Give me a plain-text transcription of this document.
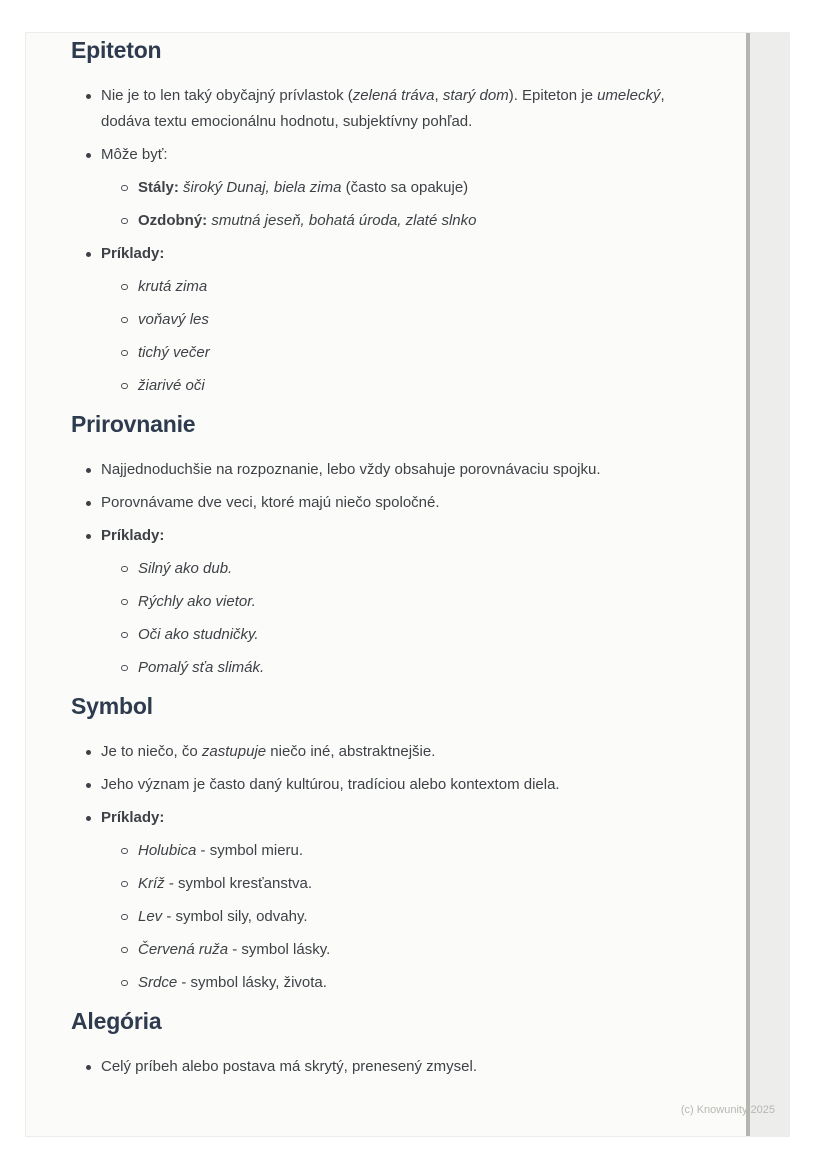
Epiteton
Nie je to len taký obyčajný prívlastok (zelená tráva, starý dom). Epiteton je umelecký, dodáva textu emocionálnu hodnotu, subjektívny pohľad.
Môže byť:
Stály: široký Dunaj, biela zima (často sa opakuje)
Ozdobný: smutná jeseň, bohatá úroda, zlaté slnko
Príklady:
krutá zima
voňavý les
tichý večer
žiarivé oči
Prirovnanie
Najjednoduchšie na rozpoznanie, lebo vždy obsahuje porovnávaciu spojku.
Porovnávame dve veci, ktoré majú niečo spoločné.
Príklady:
Silný ako dub.
Rýchly ako vietor.
Oči ako studničky.
Pomalý sťa slimák.
Symbol
Je to niečo, čo zastupuje niečo iné, abstraktnejšie.
Jeho význam je často daný kultúrou, tradíciou alebo kontextom diela.
Príklady:
Holubica - symbol mieru.
Kríž - symbol kresťanstva.
Lev - symbol sily, odvahy.
Červená ruža - symbol lásky.
Srdce - symbol lásky, života.
Alegória
Celý príbeh alebo postava má skrytý, prenesený zmysel.
(c) Knowunity 2025
